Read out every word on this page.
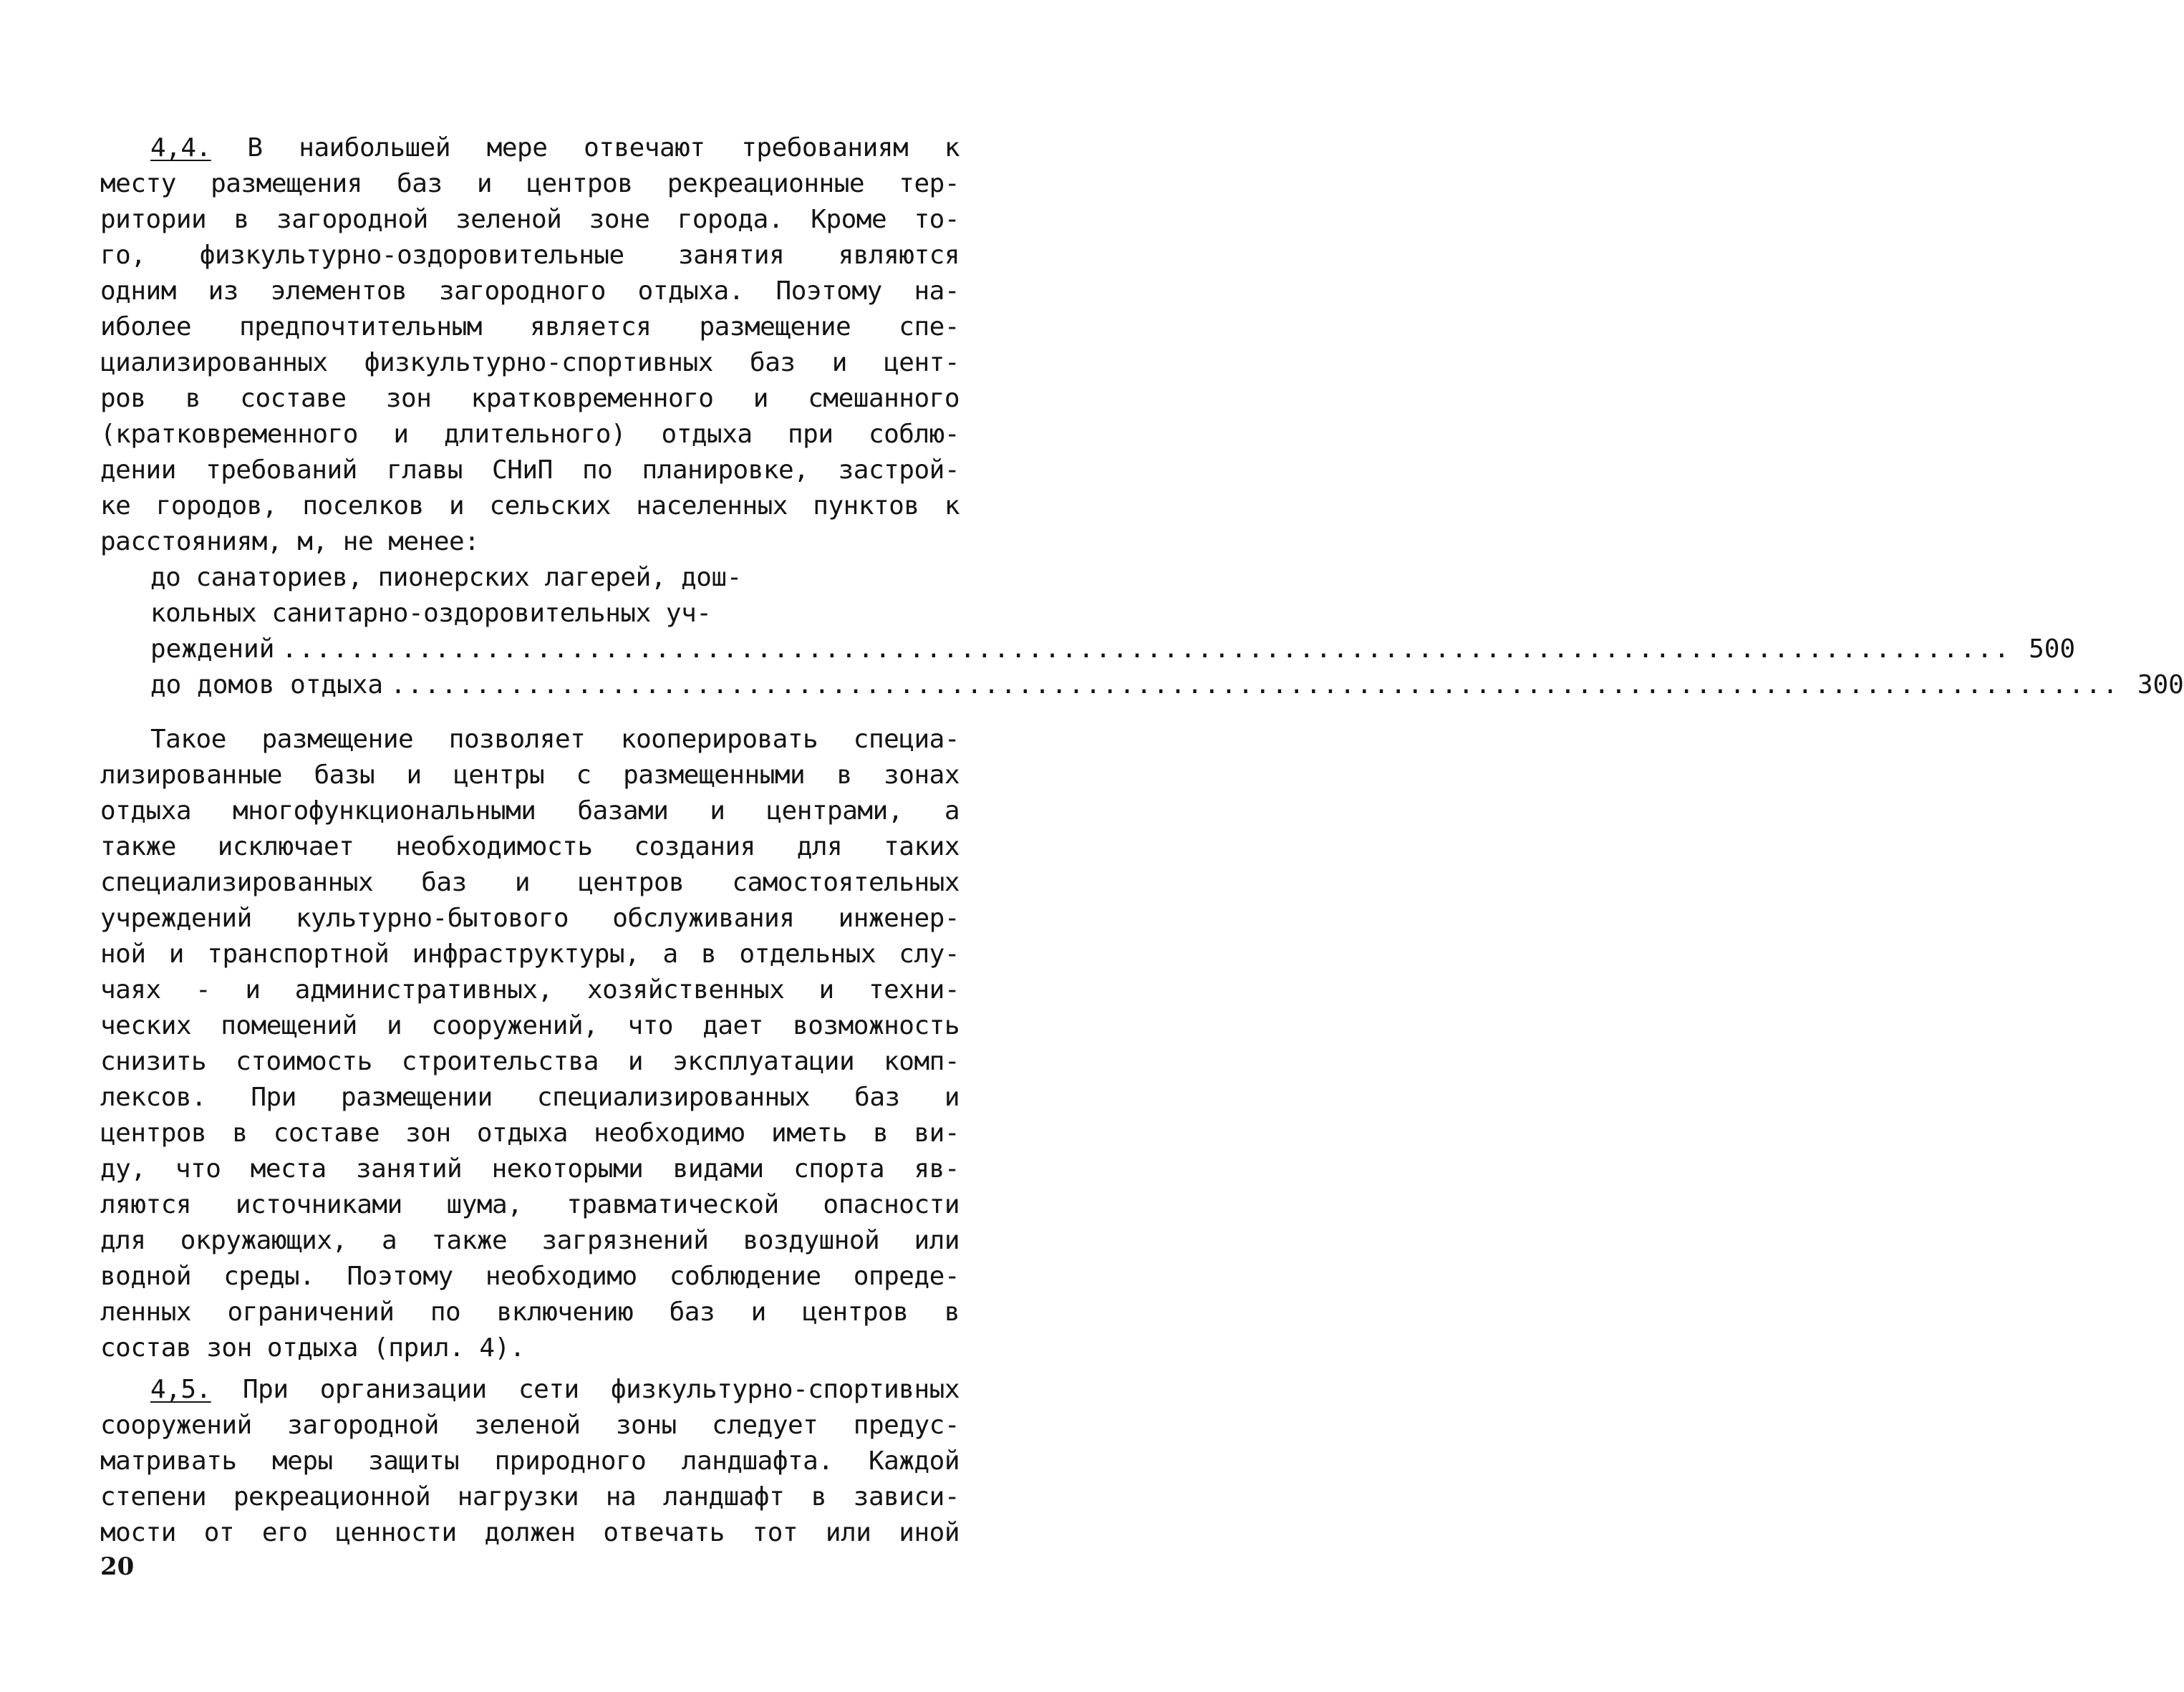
4,4. В наибольшей мере отвечают требованиям к
месту размещения баз и центров рекреационные тер-
ритории в загородной зеленой зоне города. Кроме то-
го, физкультурно-оздоровительные занятия являются
одним из элементов загородного отдыха. Поэтому на-
иболее предпочтительным является размещение спе-
циализированных физкультурно-спортивных баз и цент-
ров в составе зон кратковременного и смешанного
(кратковременного и длительного) отдыха при соблю-
дении требований главы СНиП по планировке, застрой-
ке городов, поселков и сельских населенных пунктов к
расстояниям, м, не менее:
до санаториев, пионерских лагерей, дош-
кольных санитарно-оздоровительных уч-
реждений ...................................................................................................... 500
до домов отдыха ...................................................................................................... 300
Такое размещение позволяет кооперировать специа-
лизированные базы и центры с размещенными в зонах
отдыха многофункциональными базами и центрами, а
также исключает необходимость создания для таких
специализированных баз и центров самостоятельных
учреждений культурно-бытового обслуживания инженер-
ной и транспортной инфраструктуры, а в отдельных слу-
чаях - и административных, хозяйственных и техни-
ческих помещений и сооружений, что дает возможность
снизить стоимость строительства и эксплуатации комп-
лексов. При размещении специализированных баз и
центров в составе зон отдыха необходимо иметь в ви-
ду, что места занятий некоторыми видами спорта яв-
ляются источниками шума, травматической опасности
для окружающих, а также загрязнений воздушной или
водной среды. Поэтому необходимо соблюдение опреде-
ленных ограничений по включению баз и центров в
состав зон отдыха (прил. 4).
4,5. При организации сети физкультурно-спортивных
сооружений загородной зеленой зоны следует предус-
матривать меры защиты природного ландшафта. Каждой
степени рекреационной нагрузки на ландшафт в зависи-
мости от его ценности должен отвечать тот или иной
20
